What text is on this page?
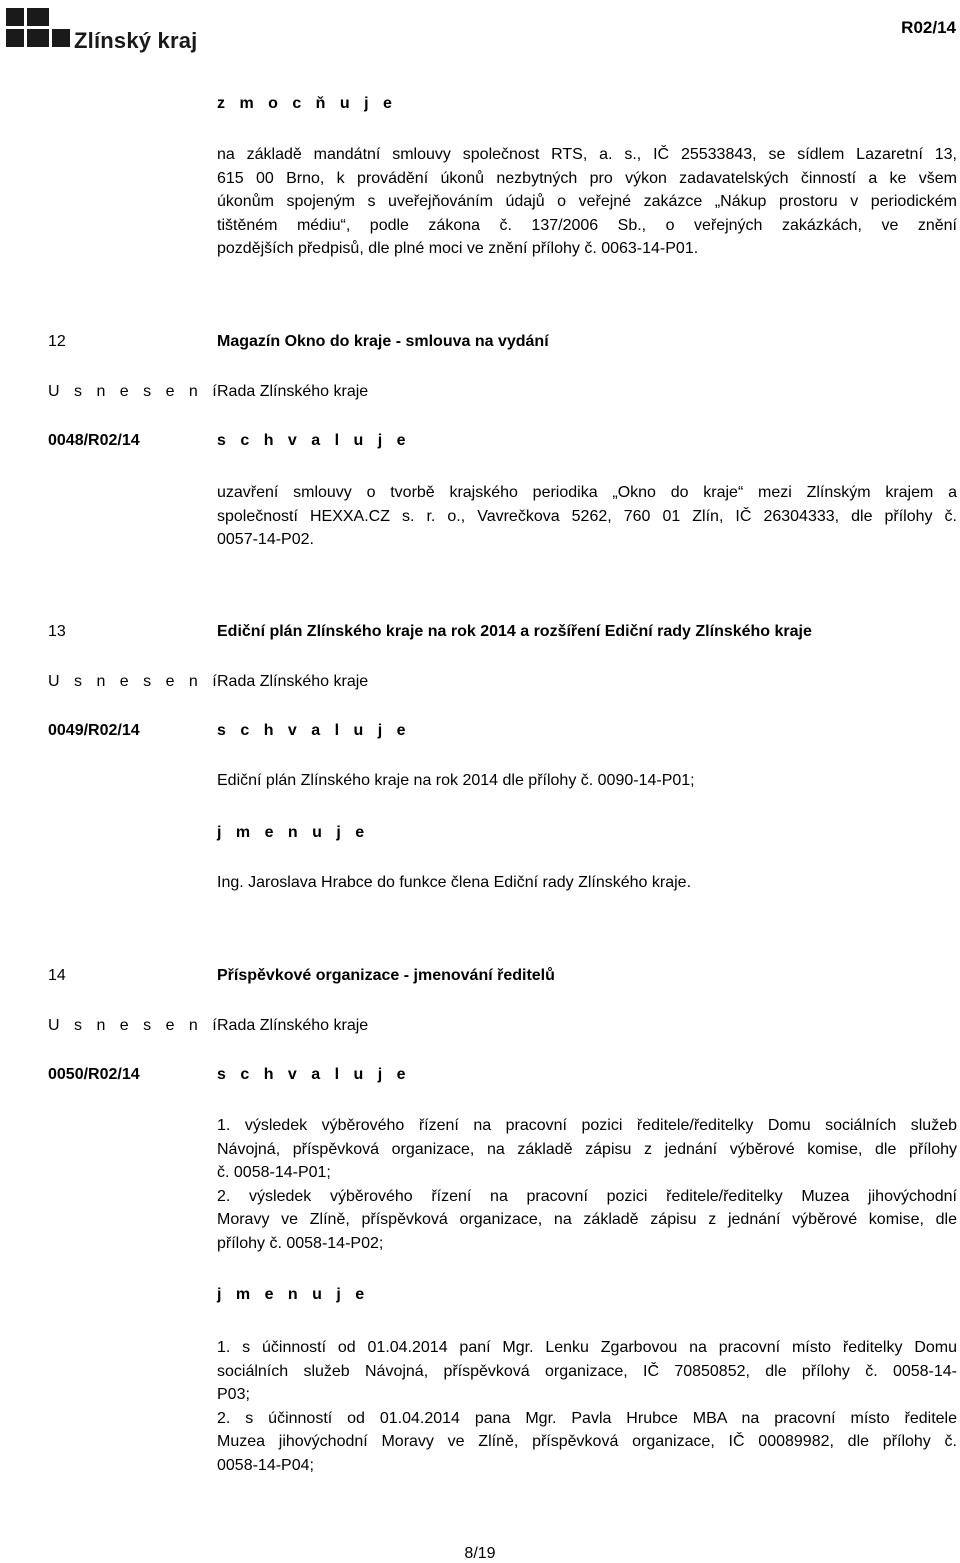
Zlínský kraj
R02/14
z m o c ň u j e
na základě mandátní smlouvy společnost RTS, a. s., IČ 25533843, se sídlem Lazaretní 13,
615 00 Brno, k provádění úkonů nezbytných pro výkon zadavatelských činností a ke všem
úkonům spojeným s uveřejňováním údajů o veřejné zakázce „Nákup prostoru v periodickém
tištěném médiu“, podle zákona č. 137/2006 Sb., o veřejných zakázkách, ve znění
pozdějších předpisů, dle plné moci ve znění přílohy č. 0063-14-P01.
12	Magazín Okno do kraje - smlouva na vydání
U s n e s e n í
Rada Zlínského kraje
0048/R02/14	s c h v a l u j e
uzavření smlouvy o tvorbě krajského periodika „Okno do kraje“ mezi Zlínským krajem a
společností HEXXA.CZ s. r. o., Vavrečkova 5262, 760 01 Zlín, IČ 26304333, dle přílohy č.
0057-14-P02.
13	Ediční plán Zlínského kraje na rok 2014 a rozšíření Ediční rady Zlínského kraje
U s n e s e n í
Rada Zlínského kraje
0049/R02/14	s c h v a l u j e
Ediční plán Zlínského kraje na rok 2014 dle přílohy č. 0090-14-P01;
j m e n u j e
Ing. Jaroslava Hrabce do funkce člena Ediční rady Zlínského kraje.
14	Příspěvkové organizace - jmenování ředitelů
U s n e s e n í
Rada Zlínského kraje
0050/R02/14	s c h v a l u j e
1. výsledek výběrového řízení na pracovní pozici ředitele/ředitelky Domu sociálních služeb
Návojná, příspěvková organizace, na základě zápisu z jednání výběrové komise, dle přílohy
č. 0058-14-P01;
2. výsledek výběrového řízení na pracovní pozici ředitele/ředitelky Muzea jihovýchodní
Moravy ve Zlíně, příspěvková organizace, na základě zápisu z jednání výběrové komise, dle
přílohy č. 0058-14-P02;
j m e n u j e
1. s účinností od 01.04.2014 paní Mgr. Lenku Zgarbovou na pracovní místo ředitelky Domu
sociálních služeb Návojná, příspěvková organizace, IČ 70850852, dle přílohy č. 0058-14-
P03;
2. s účinností od 01.04.2014 pana Mgr. Pavla Hrubce MBA na pracovní místo ředitele
Muzea jihovýchodní Moravy ve Zlíně, příspěvková organizace, IČ 00089982, dle přílohy č.
0058-14-P04;
8/19
